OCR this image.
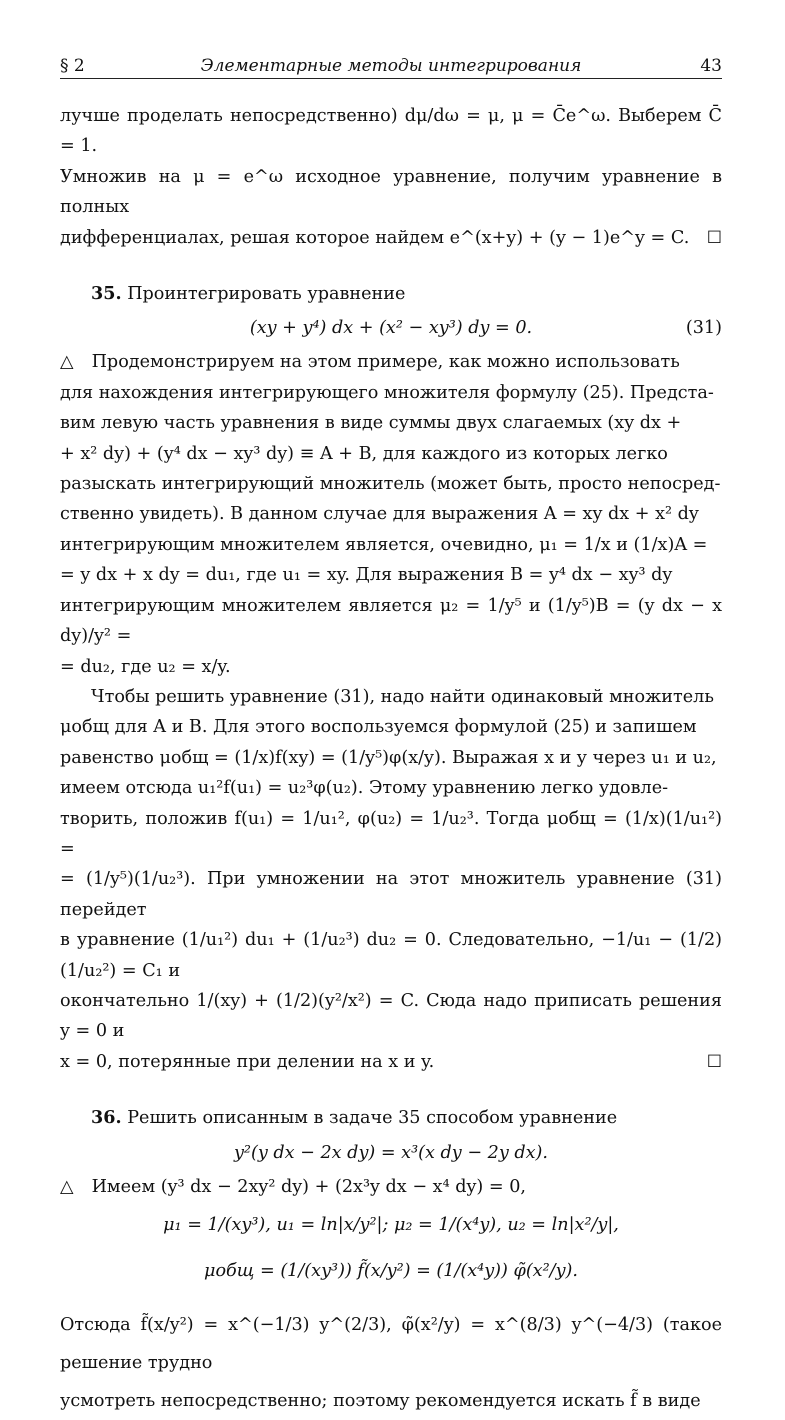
§ 2	Элементарные методы интегрирования	43

лучше проделать непосредственно) dμ/dω = μ, μ = C̄e^ω. Выберем C̄ = 1.
Умножив на μ = e^ω исходное уравнение, получим уравнение в полных
дифференциалах, решая которое найдем e^(x+y) + (y − 1)e^y = C. ☐

35. Проинтегрировать уравнение

(xy + y⁴) dx + (x² − xy³) dy = 0.	(31)

△ Продемонстрируем на этом примере, как можно использовать
для нахождения интегрирующего множителя формулу (25). Предста-
вим левую часть уравнения в виде суммы двух слагаемых (xy dx +
+ x² dy) + (y⁴ dx − xy³ dy) ≡ A + B, для каждого из которых легко
разыскать интегрирующий множитель (может быть, просто непосред-
ственно увидеть). В данном случае для выражения A = xy dx + x² dy
интегрирующим множителем является, очевидно, μ₁ = 1/x и (1/x)A =
= y dx + x dy = du₁, где u₁ = xy. Для выражения B = y⁴ dx − xy³ dy
интегрирующим множителем является μ₂ = 1/y⁵ и (1/y⁵)B = (y dx − x dy)/y² =
= du₂, где u₂ = x/y.

Чтобы решить уравнение (31), надо найти одинаковый множитель
μобщ для A и B. Для этого воспользуемся формулой (25) и запишем
равенство μобщ = (1/x)f(xy) = (1/y⁵)φ(x/y). Выражая x и y через u₁ и u₂,
имеем отсюда u₁²f(u₁) = u₂³φ(u₂). Этому уравнению легко удовле-
творить, положив f(u₁) = 1/u₁², φ(u₂) = 1/u₂³. Тогда μобщ = (1/x)(1/u₁²) =
= (1/y⁵)(1/u₂³). При умножении на этот множитель уравнение (31) перейдет
в уравнение (1/u₁²) du₁ + (1/u₂³) du₂ = 0. Следовательно, −1/u₁ − (1/2)(1/u₂²) = C₁ и
окончательно 1/(xy) + (1/2)(y²/x²) = C. Сюда надо приписать решения y = 0 и
x = 0, потерянные при делении на x и y.	☐

36. Решить описанным в задаче 35 способом уравнение

y²(y dx − 2x dy) = x³(x dy − 2y dx).

△ Имеем (y³ dx − 2xy² dy) + (2x³y dx − x⁴ dy) = 0,

μ₁ = 1/(xy³), u₁ = ln|x/y²|; μ₂ = 1/(x⁴y), u₂ = ln|x²/y|,
μобщ = (1/(xy³)) f̃(x/y²) = (1/(x⁴y)) φ̃(x²/y).

Отсюда f̃(x/y²) = x^(−1/3) y^(2/3), φ̃(x²/y) = x^(8/3) y^(−4/3) (такое решение трудно
усмотреть непосредственно; поэтому рекомендуется искать f̃ в виде
